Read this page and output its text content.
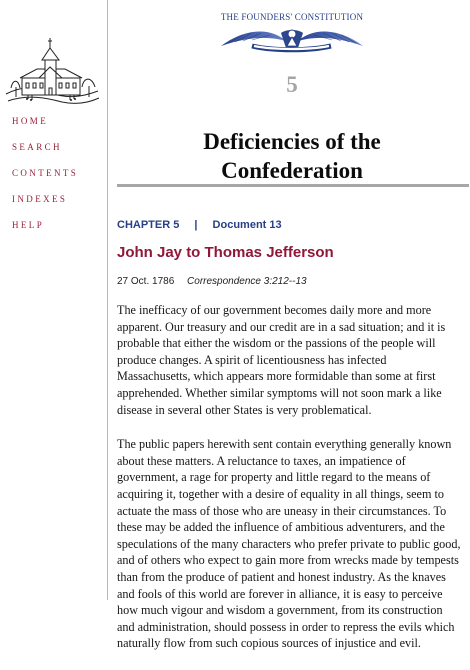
HOME
SEARCH
CONTENTS
INDEXES
HELP
THE FOUNDERS' CONSTITUTION
5
Deficiencies of the
Confederation
CHAPTER 5 | Document 13
John Jay to Thomas Jefferson
27 Oct. 1786 Correspondence 3:212--13

The inefficacy of our government becomes daily more and more apparent. Our treasury and our credit are in a sad situation; and it is probable that either the wisdom or the passions of the people will produce changes. A spirit of licentiousness has infected Massachusetts, which appears more formidable than some at first apprehended. Whether similar symptoms will not soon mark a like disease in several other States is very problematical.

The public papers herewith sent contain everything generally known about these matters. A reluctance to taxes, an impatience of government, a rage for property and little regard to the means of acquiring it, together with a desire of equality in all things, seem to actuate the mass of those who are uneasy in their circumstances. To these may be added the influence of ambitious adventurers, and the speculations of the many characters who prefer private to public good, and of others who expect to gain more from wrecks made by tempests than from the produce of patient and honest industry. As the knaves and fools of this world are forever in alliance, it is easy to perceive how much vigour and wisdom a government, from its construction and administration, should possess in order to repress the evils which naturally flow from such copious sources of injustice and evil.
